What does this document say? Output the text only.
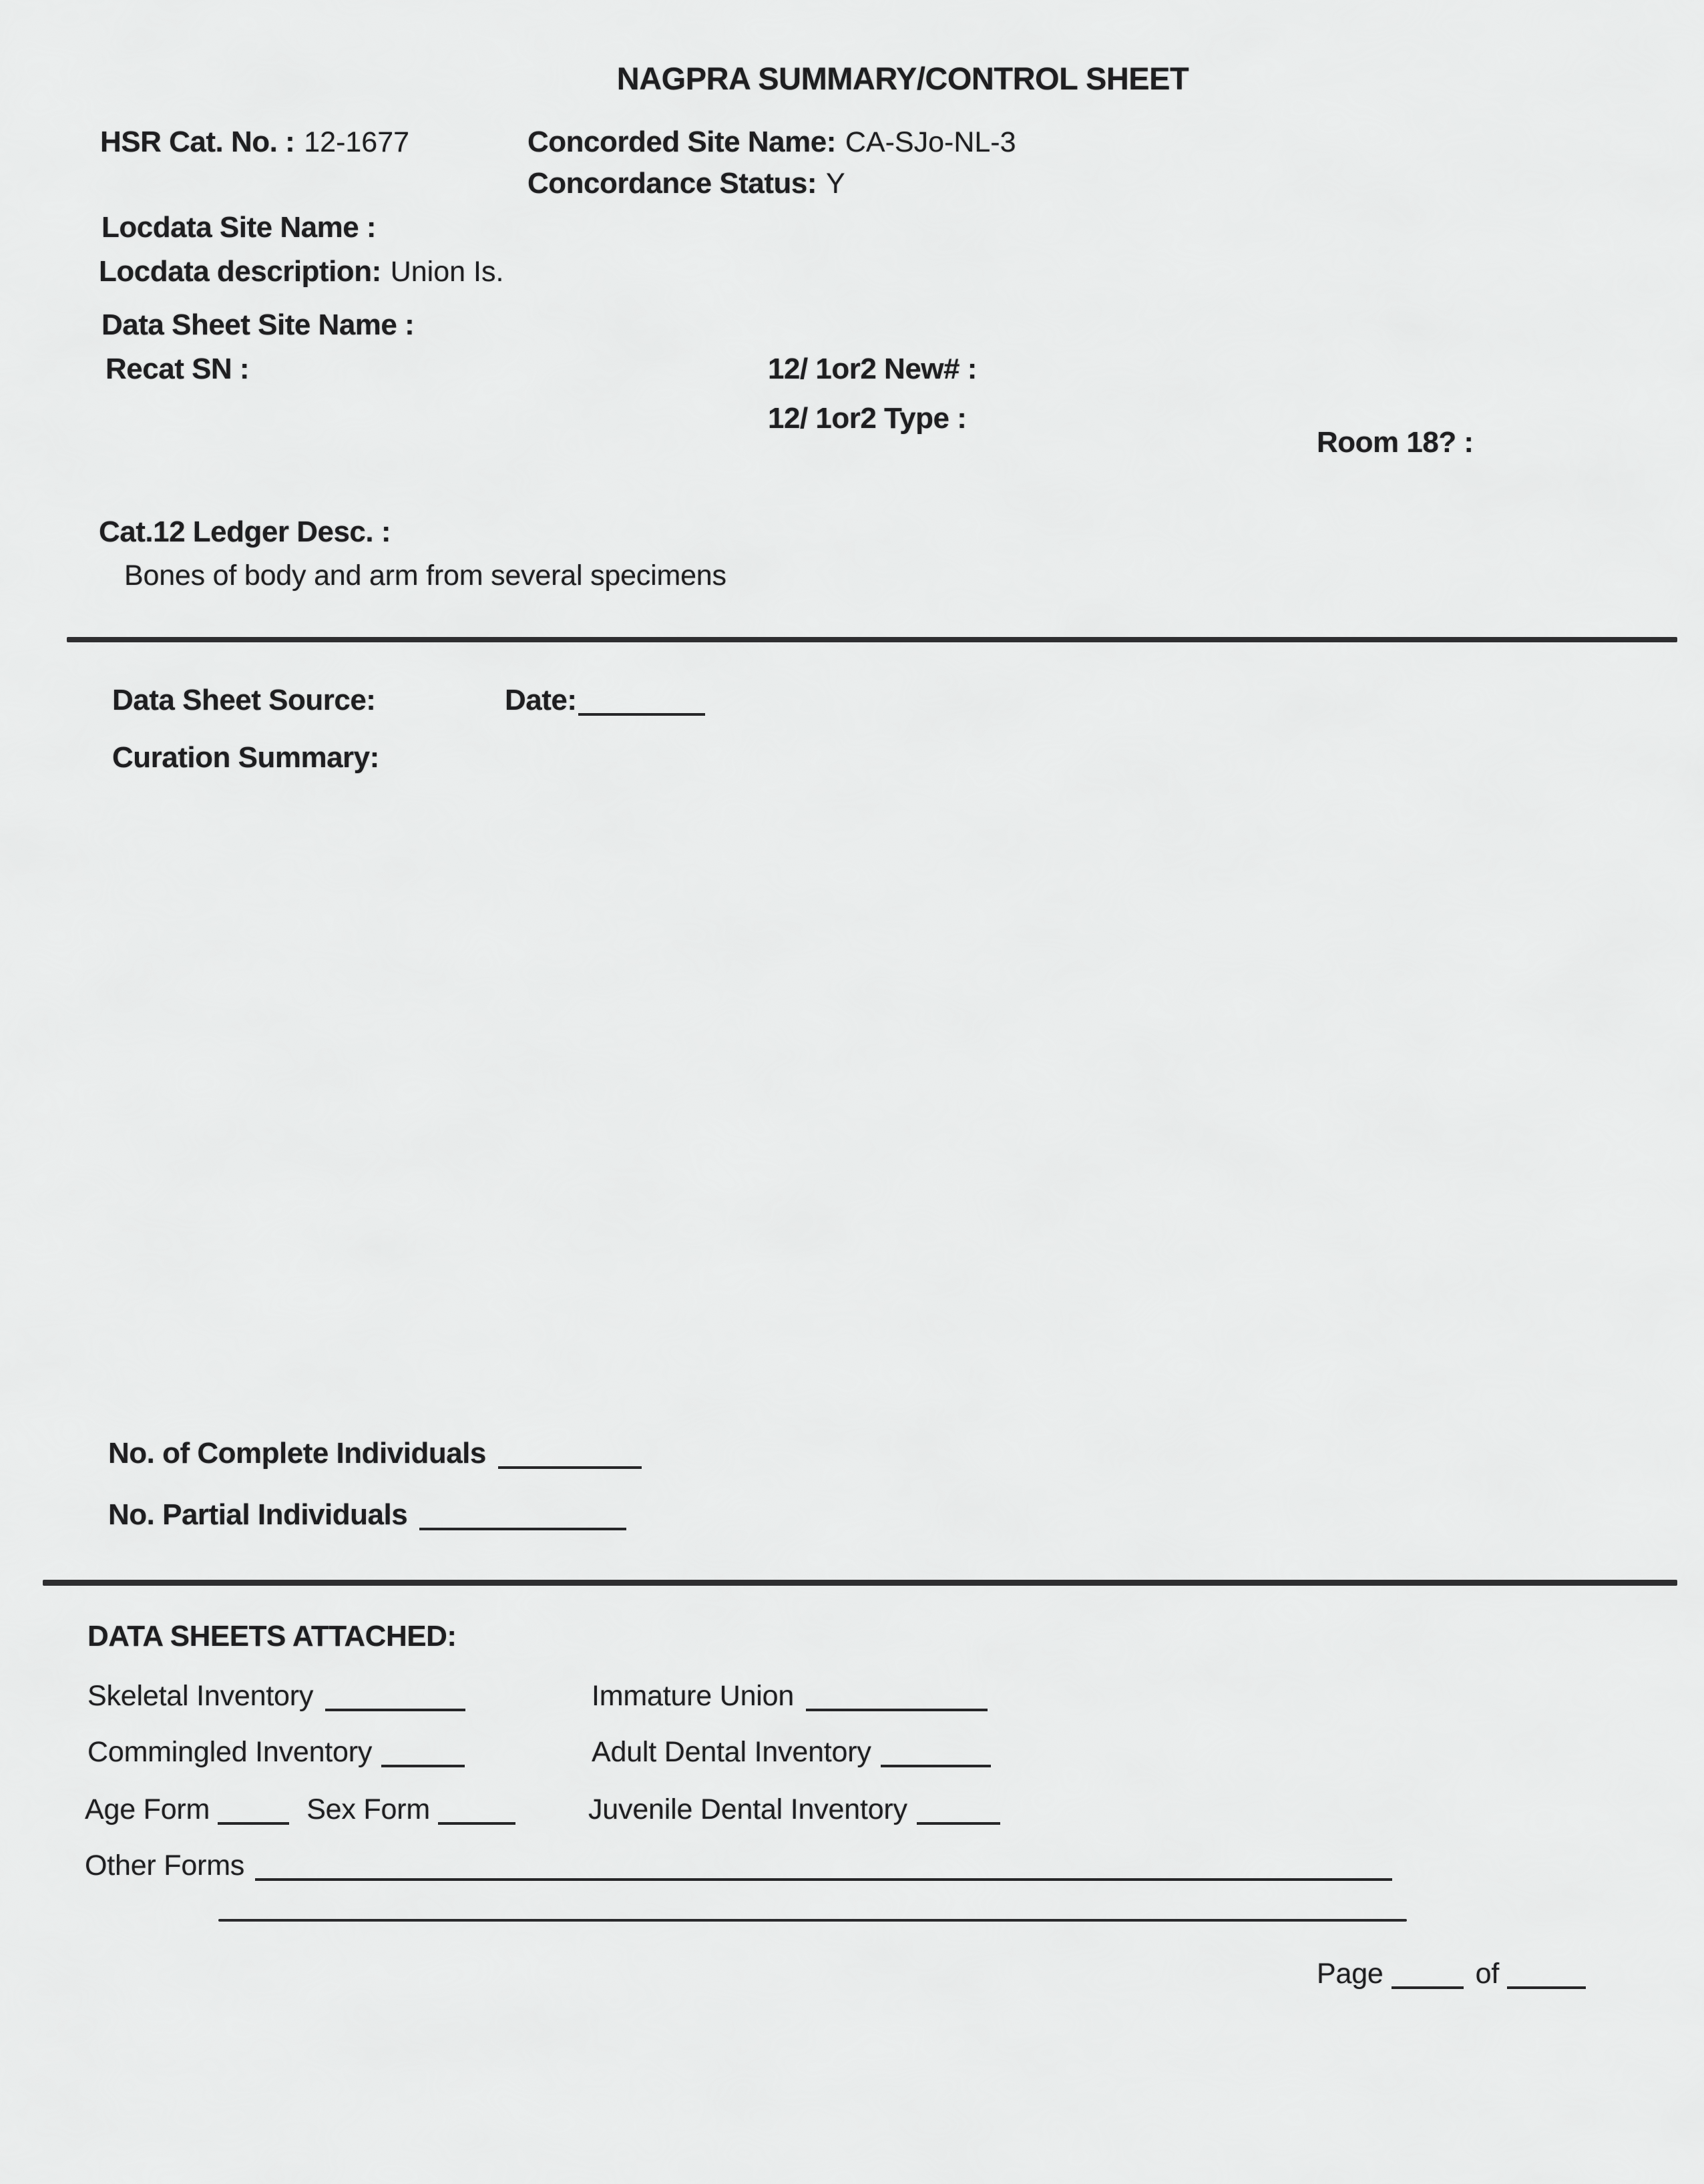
NAGPRA SUMMARY/CONTROL SHEET
HSR Cat. No. : 12-1677	Concorded Site Name: CA-SJo-NL-3
Concordance Status: Y
Locdata Site Name :
Locdata description: Union Is.
Data Sheet Site Name :
Recat SN :	12/ 1or2 New# :
12/ 1or2 Type :
Room 18? :
Cat.12 Ledger Desc. :
Bones of body and arm from several specimens
Data Sheet Source:	Date:
Curation Summary:
No. of Complete Individuals
No. Partial Individuals
DATA SHEETS ATTACHED:
Skeletal Inventory	Immature Union
Commingled Inventory	Adult Dental Inventory
Age Form	Sex Form	Juvenile Dental Inventory
Other Forms
Page	of
